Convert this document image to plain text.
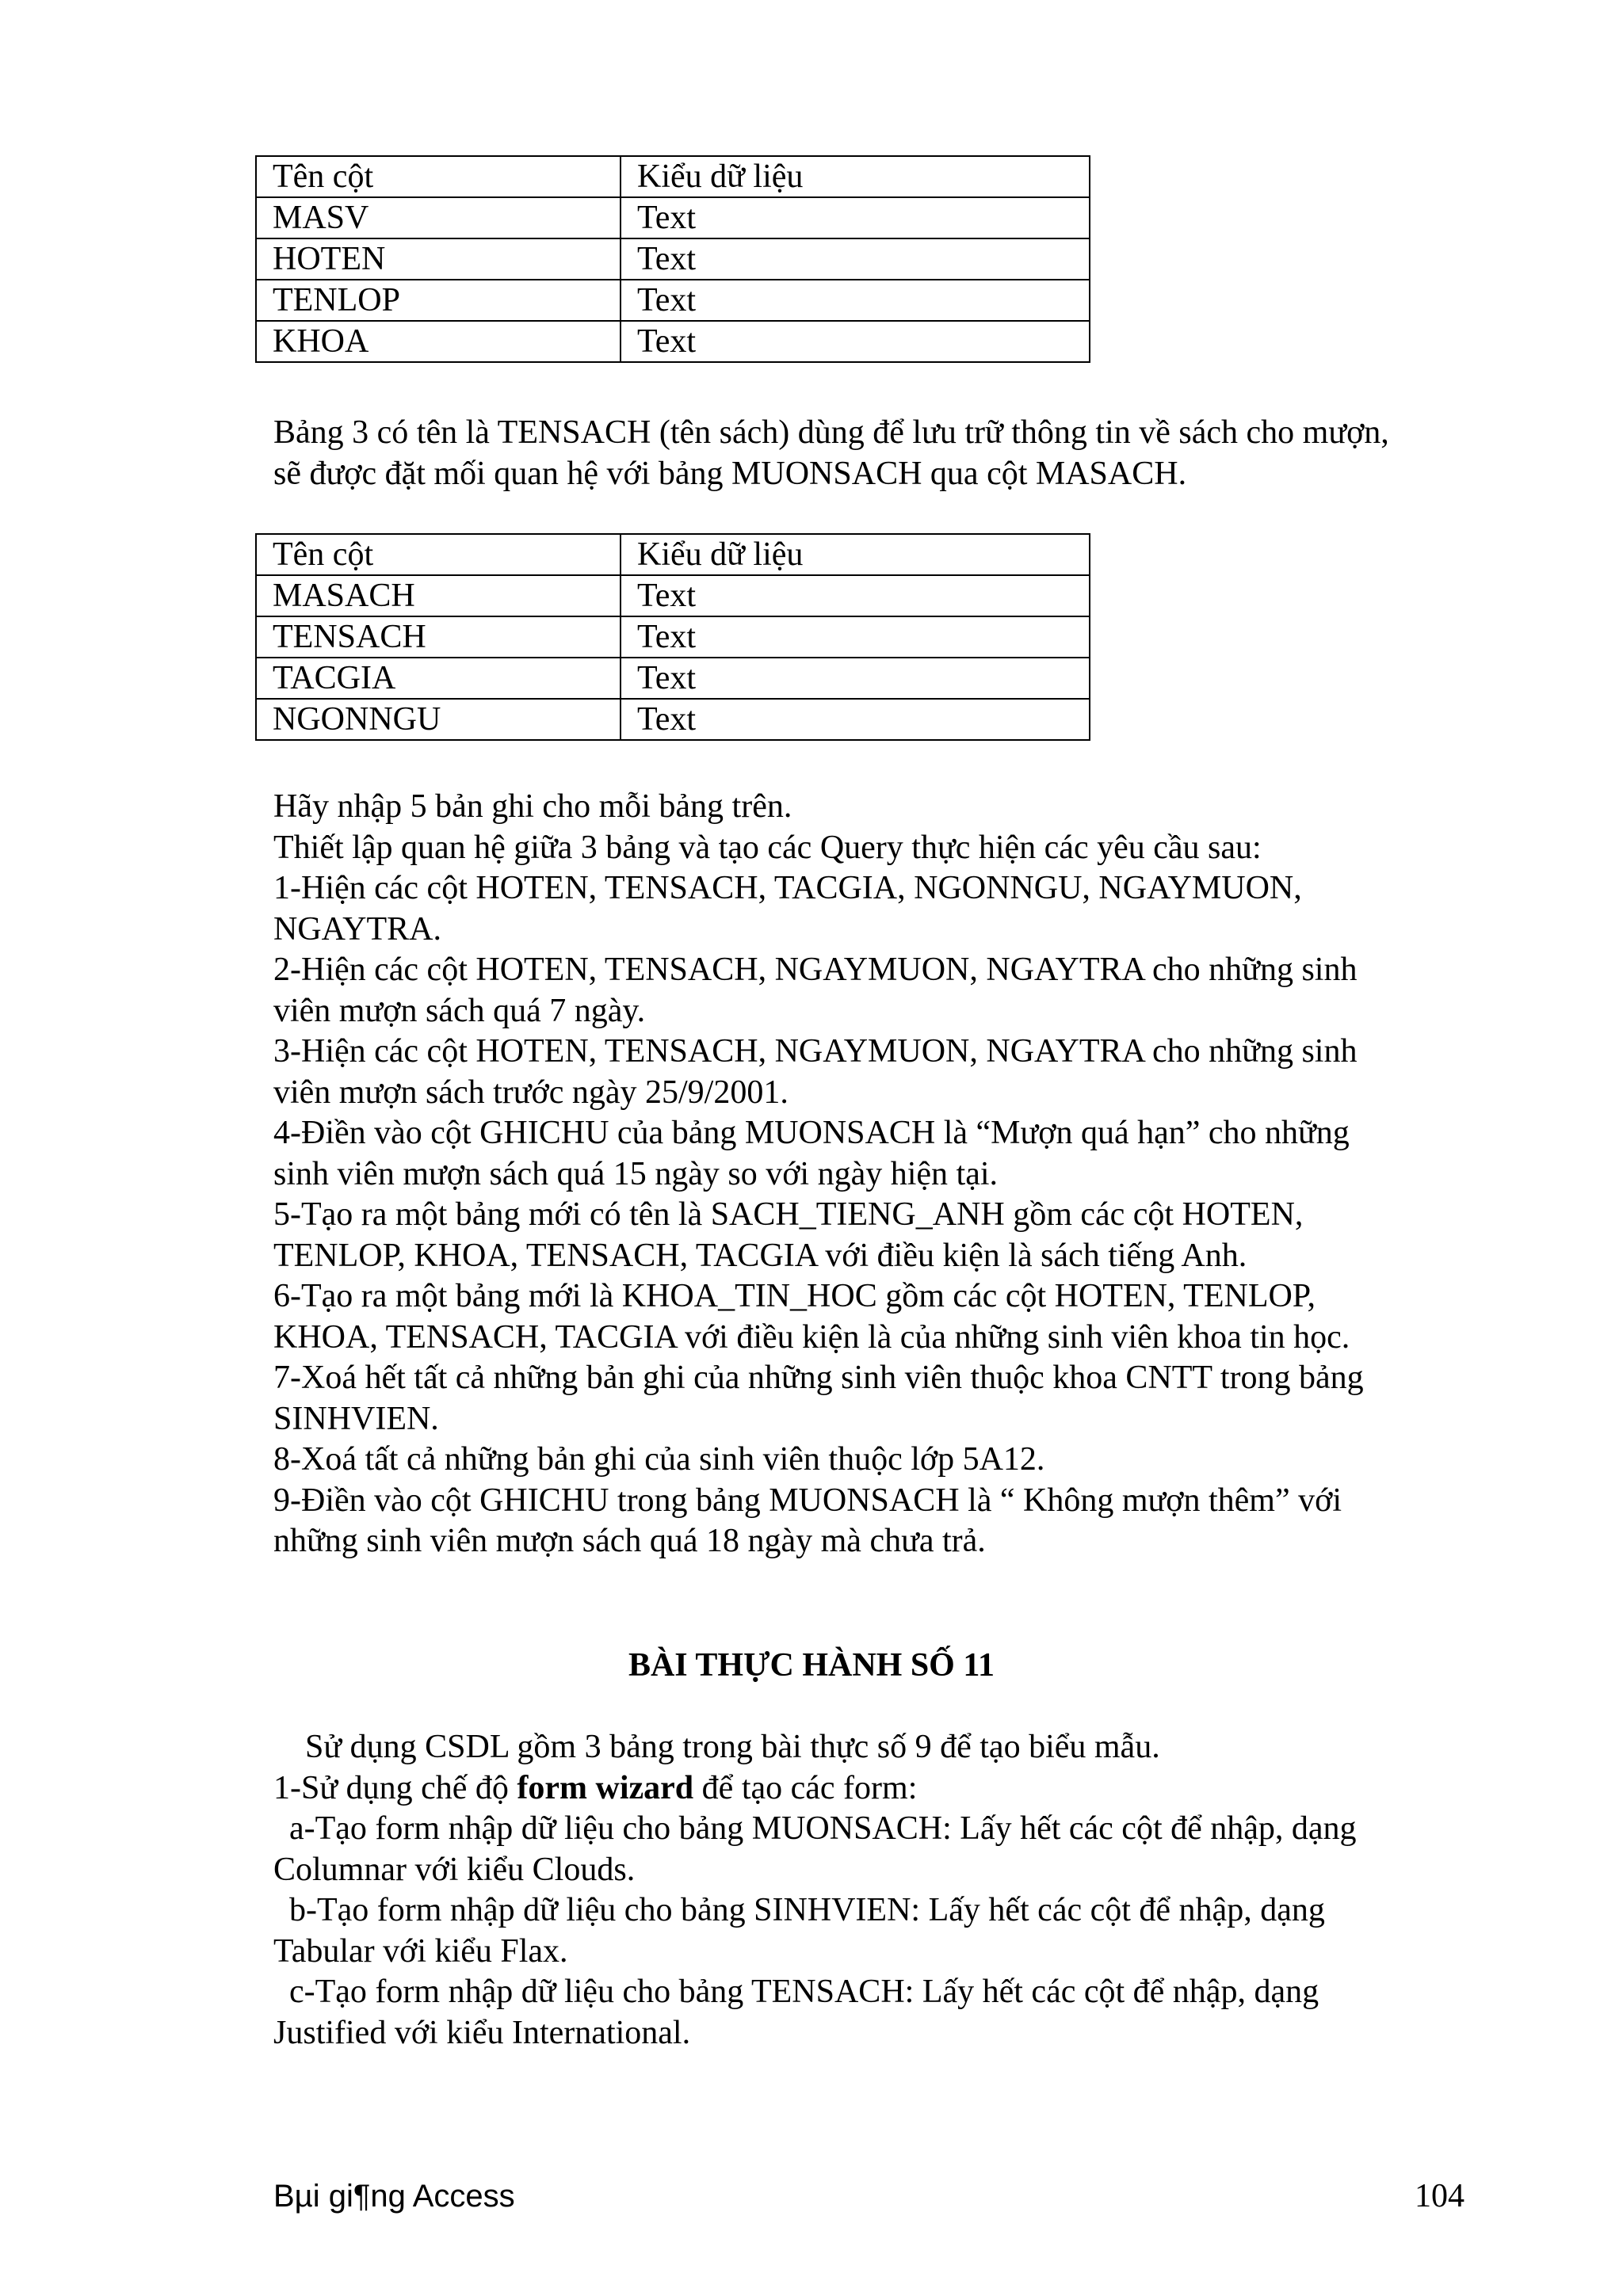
Tên cột	Kiểu dữ liệu
MASV	Text
HOTEN	Text
TENLOP	Text
KHOA	Text

Bảng 3 có tên là TENSACH (tên sách) dùng để lưu trữ thông tin về sách cho mượn,

sẽ được đặt mối quan hệ với bảng MUONSACH qua cột MASACH.

Tên cột	Kiểu dữ liệu
MASACH	Text
TENSACH	Text
TACGIA	Text
NGONNGU	Text

Hãy nhập 5 bản ghi cho mỗi bảng trên.

Thiết lập quan hệ giữa 3 bảng và tạo các Query thực hiện các yêu cầu sau:

1-Hiện các cột HOTEN, TENSACH, TACGIA, NGONNGU, NGAYMUON,

NGAYTRA.

2-Hiện các cột HOTEN, TENSACH, NGAYMUON, NGAYTRA cho những sinh

viên mượn sách quá 7 ngày.

3-Hiện các cột HOTEN, TENSACH, NGAYMUON, NGAYTRA cho những sinh

viên mượn sách trước ngày 25/9/2001.

4-Điền vào cột GHICHU của bảng MUONSACH là “Mượn quá hạn” cho những

sinh viên mượn sách quá 15 ngày so với ngày hiện tại.

5-Tạo ra một bảng mới có tên là SACH_TIENG_ANH gồm các cột HOTEN,

TENLOP, KHOA, TENSACH, TACGIA với điều kiện là sách tiếng Anh.

6-Tạo ra một bảng mới là KHOA_TIN_HOC gồm các cột HOTEN, TENLOP,

KHOA, TENSACH, TACGIA với điều kiện là của những sinh viên khoa tin học.

7-Xoá hết tất cả những bản ghi của những sinh viên thuộc khoa CNTT trong bảng

SINHVIEN.

8-Xoá tất cả những bản ghi của sinh viên thuộc lớp 5A12.

9-Điền vào cột GHICHU trong bảng MUONSACH là “ Không mượn thêm” với

những sinh viên mượn sách quá 18 ngày mà chưa trả.

BÀI THỰC HÀNH SỐ 11

Sử dụng CSDL gồm 3 bảng trong bài thực số 9 để tạo biểu mẫu.

1-Sử dụng chế độ form wizard để tạo các form:

a-Tạo form nhập dữ liệu cho bảng MUONSACH: Lấy hết các cột để nhập, dạng

Columnar với kiểu Clouds.

b-Tạo form nhập dữ liệu cho bảng SINHVIEN: Lấy hết các cột để nhập, dạng

Tabular với kiểu Flax.

c-Tạo form nhập dữ liệu cho bảng TENSACH: Lấy hết các cột để nhập, dạng

Justified với kiểu International.

Bµi gi¶ng Access	104
